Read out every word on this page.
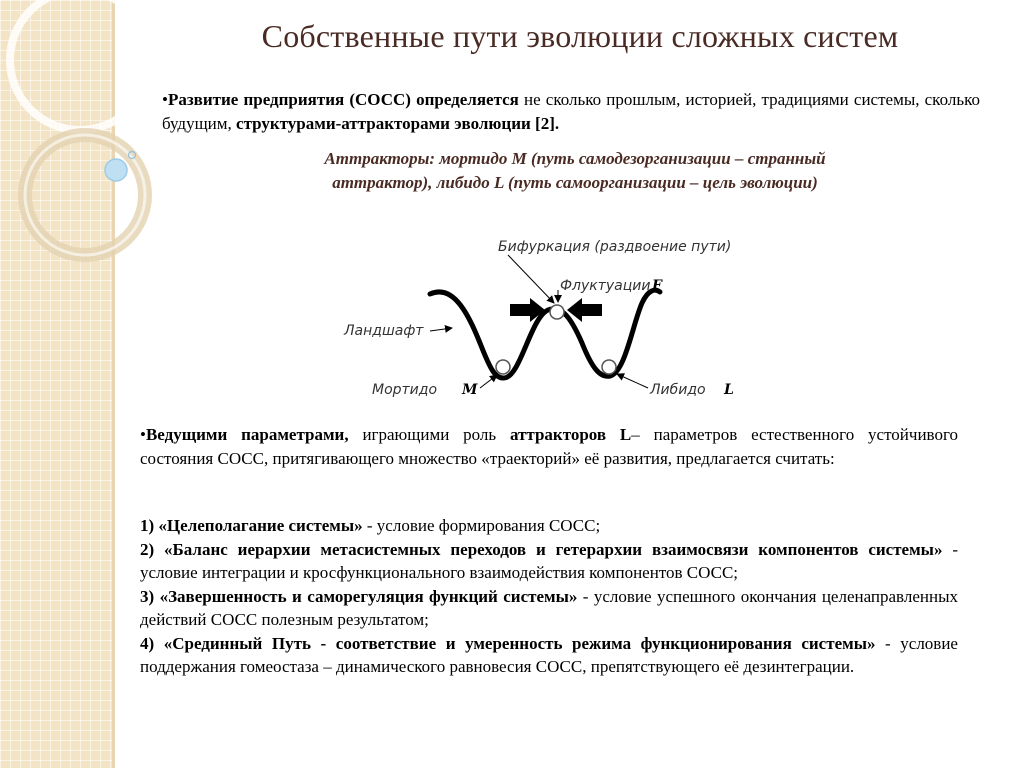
Собственные пути эволюции сложных систем
•Развитие предприятия (СОСС) определяется не сколько прошлым, историей, традициями системы, сколько будущим, структурами-аттракторами эволюции [2].
Аттракторы: мортидо М (путь самодезорганизации – странный
аттрактор), либидо L (путь самоорганизации – цель эволюции)
Бифуркация (раздвоение пути)
Флуктуации F
Ландшафт
Мортидо M	Либидо L
•Ведущими параметрами, играющими роль аттракторов L– параметров естественного устойчивого состояния СОСС, притягивающего множество «траекторий» её развития, предлагается считать:

1) «Целеполагание системы» - условие формирования СОСС;

2) «Баланс иерархии метасистемных переходов и гетерархии взаимосвязи компонентов системы» - условие интеграции и кросфункционального взаимодействия компонентов СОСС;

3) «Завершенность и саморегуляция функций системы» - условие успешного окончания целенаправленных действий СОСС полезным результатом;

4) «Срединный Путь - соответствие и умеренность режима функционирования системы» - условие поддержания гомеостаза – динамического равновесия СОСС, препятствующего её дезинтеграции.
